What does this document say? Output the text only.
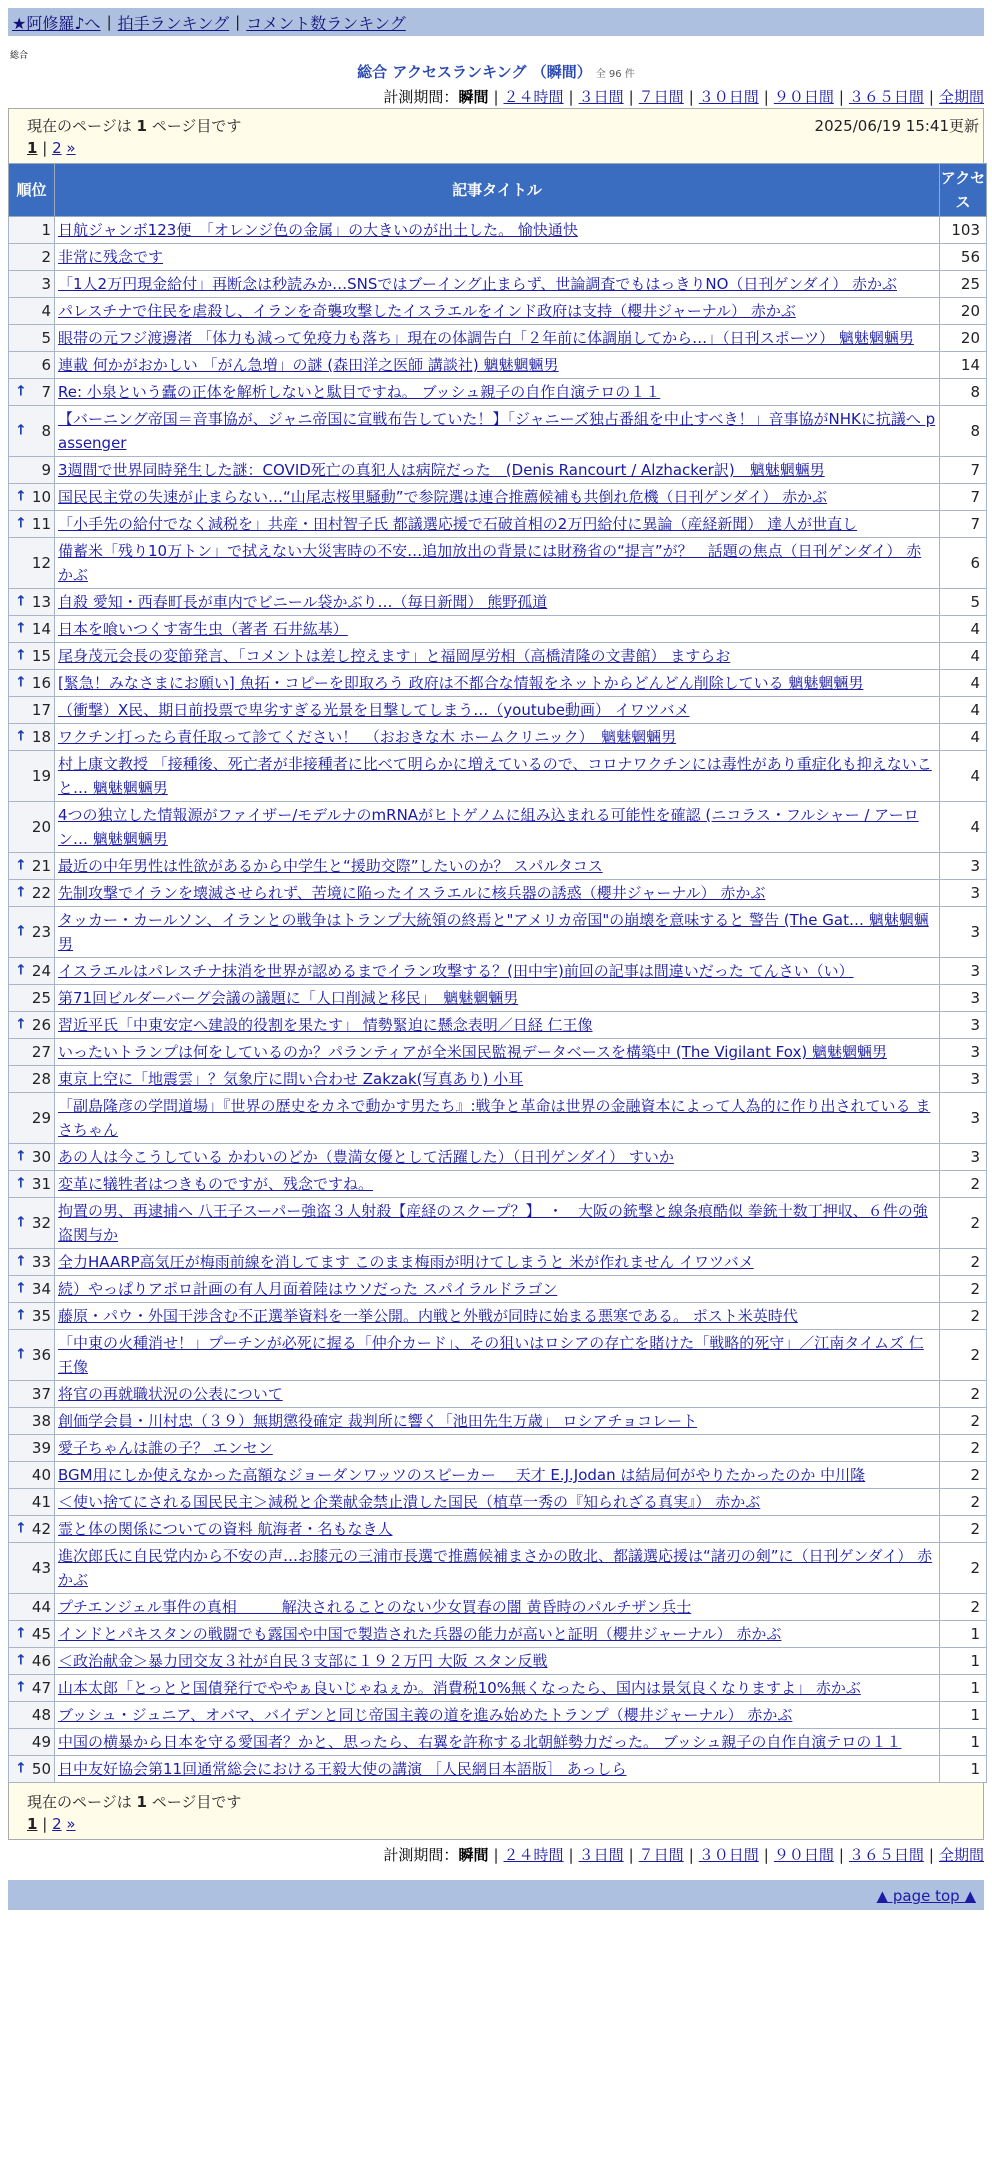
★阿修羅♪へ | 拍手ランキング | コメント数ランキング
総合
総合 アクセスランキング （瞬間） 全 96 件
計測期間：瞬間 | ２４時間 | ３日間 | ７日間 | ３０日間 | ９０日間 | ３６５日間 | 全期間
現在のページは 1 ページ目です	2025/06/19 15:41更新
1 | 2 »
順位	記事タイトル	アクセス
1	日航ジャンボ123便　「オレンジ色の金属」の大きいのが出土した。 愉快通快	103
2	非常に残念です	56
3	「1人2万円現金給付」再断念は秒読みか…SNSではブーイング止まらず、世論調査でもはっきりNO（日刊ゲンダイ） 赤かぶ	25
4	パレスチナで住民を虐殺し、イランを奇襲攻撃したイスラエルをインド政府は支持（櫻井ジャーナル） 赤かぶ	20
5	眼帯の元フジ渡邊渚 「体力も減って免疫力も落ち」現在の体調告白「２年前に体調崩してから…」（日刊スポーツ） 魑魅魍魎男	20
6	連載 何かがおかしい 「がん急増」の謎 (森田洋之医師 講談社) 魑魅魍魎男	14

↑ 7	Re: 小泉という蠹の正体を解析しないと駄目ですね。 ブッシュ親子の自作自演テロの１１	8

↑ 8	【バーニング帝国＝音事協が、ジャニ帝国に宣戦布告していた！】「ジャニーズ独占番組を中止すべき！」音事協がNHKに抗議へ passenger	8
9	3週間で世界同時発生した謎：COVID死亡の真犯人は病院だった　(Denis Rancourt / Alzhacker訳)　魑魅魍魎男	7

↑ 10	国民民主党の失速が止まらない…“山尾志桜里騒動”で参院選は連合推薦候補も共倒れ危機（日刊ゲンダイ） 赤かぶ	7

↑ 11	「小手先の給付でなく減税を」共産・田村智子氏 都議選応援で石破首相の2万円給付に異論（産経新聞） 達人が世直し	7
12	備蓄米「残り10万トン」で拭えない大災害時の不安…追加放出の背景には財務省の“提言”が？　話題の焦点（日刊ゲンダイ） 赤かぶ	6

↑ 13	自殺 愛知・西春町長が車内でビニール袋かぶり…（毎日新聞） 熊野孤道	5

↑ 14	日本を喰いつくす寄生虫（著者 石井紘基）	4

↑ 15	尾身茂元会長の変節発言、「コメントは差し控えます」と福岡厚労相（高橋清隆の文書館） ますらお	4

↑ 16	[緊急！みなさまにお願い] 魚拓・コピーを即取ろう 政府は不都合な情報をネットからどんどん削除している 魑魅魍魎男	4
17	（衝撃）X民、期日前投票で卑劣すぎる光景を目撃してしまう…（youtube動画） イワツバメ	4

↑ 18	ワクチン打ったら責任取って診てください！　（おおきな木 ホームクリニック）　魑魅魍魎男	4
19	村上康文教授 「接種後、死亡者が非接種者に比べて明らかに増えているので、コロナワクチンには毒性があり重症化も抑えないこと… 魑魅魍魎男	4
20	4つの独立した情報源がファイザー/モデルナのmRNAがヒトゲノムに組み込まれる可能性を確認 (ニコラス・フルシャー / アーロン… 魑魅魍魎男	4

↑ 21	最近の中年男性は性欲があるから中学生と“援助交際”したいのか？ スパルタコス	3

↑ 22	先制攻撃でイランを壊滅させられず、苦境に陥ったイスラエルに核兵器の誘惑（櫻井ジャーナル） 赤かぶ	3

↑ 23	タッカー・カールソン、イランとの戦争はトランプ大統領の終焉と"アメリカ帝国"の崩壊を意味すると 警告 (The Gat… 魑魅魍魎男	3

↑ 24	イスラエルはパレスチナ抹消を世界が認めるまでイラン攻撃する？(田中宇)前回の記事は間違いだった てんさい（い）	3
25	第71回ビルダーバーグ会議の議題に「人口削減と移民」　魑魅魍魎男	3

↑ 26	習近平氏「中東安定へ建設的役割を果たす」 情勢緊迫に懸念表明／日経 仁王像	3
27	いったいトランプは何をしているのか？パランティアが全米国民監視データベースを構築中 (The Vigilant Fox) 魑魅魍魎男	3
28	東京上空に「地震雲」？気象庁に問い合わせ Zakzak(写真あり) 小耳	3
29	「副島隆彦の学問道場」『世界の歴史をカネで動かす男たち』:戦争と革命は世界の金融資本によって人為的に作り出されている まさちゃん	3

↑ 30	あの人は今こうしている かわいのどか（豊満女優として活躍した）（日刊ゲンダイ） すいか	3

↑ 31	変革に犠牲者はつきものですが、残念ですね。	2

↑ 32	拘置の男、再逮捕へ 八王子スーパー強盗３人射殺【産経のスクープ？】　・　大阪の銃撃と線条痕酷似 拳銃十数丁押収、６件の強盗関与か	2

↑ 33	全力HAARP高気圧が梅雨前線を消してます このまま梅雨が明けてしまうと 米が作れません イワツバメ	2

↑ 34	続）やっぱりアポロ計画の有人月面着陸はウソだった スパイラルドラゴン	2

↑ 35	藤原・パウ・外国干渉含む不正選挙資料を一挙公開。内戦と外戦が同時に始まる悪寒である。 ポスト米英時代	2

↑ 36	「中東の火種消せ！」プーチンが必死に握る「仲介カード」、その狙いはロシアの存亡を賭けた「戦略的死守」／江南タイムズ 仁王像	2
37	将官の再就職状況の公表について	2
38	創価学会員・川村忠（３９）無期懲役確定 裁判所に響く「池田先生万歳」 ロシアチョコレート	2
39	愛子ちゃんは誰の子？ エンセン	2
40	BGM用にしか使えなかった高額なジョーダンワッツのスピーカー ＿天才 E.J.Jodan は結局何がやりたかったのか 中川隆	2
41	＜使い捨てにされる国民民主＞減税と企業献金禁止潰した国民（植草一秀の『知られざる真実』） 赤かぶ	2

↑ 42	霊と体の関係についての資料 航海者・名もなき人	2
43	進次郎氏に自民党内から不安の声…お膝元の三浦市長選で推薦候補まさかの敗北、都議選応援は“諸刃の剣”に（日刊ゲンダイ） 赤かぶ	2
44	プチエンジェル事件の真相　　　解決されることのない少女買春の闇 黄昏時のパルチザン兵士	2

↑ 45	インドとパキスタンの戦闘でも露国や中国で製造された兵器の能力が高いと証明（櫻井ジャーナル） 赤かぶ	1

↑ 46	＜政治献金＞暴力団交友３社が自民３支部に１９２万円 大阪 スタン反戦	1

↑ 47	山本太郎「とっとと国債発行でややぁ良いじゃねぇか。消費税10%無くなったら、国内は景気良くなりますよ」 赤かぶ	1
48	ブッシュ・ジュニア、オバマ、バイデンと同じ帝国主義の道を進み始めたトランプ（櫻井ジャーナル） 赤かぶ	1
49	中国の横暴から日本を守る愛国者？かと、思ったら、右翼を許称する北朝鮮勢力だった。 ブッシュ親子の自作自演テロの１１	1

↑ 50	日中友好協会第11回通常総会における王毅大使の講演 ［人民網日本語版］ あっしら	1
現在のページは 1 ページ目です
1 | 2 »
計測期間：瞬間 | ２４時間 | ３日間 | ７日間 | ３０日間 | ９０日間 | ３６５日間 | 全期間
▲ page top ▲
